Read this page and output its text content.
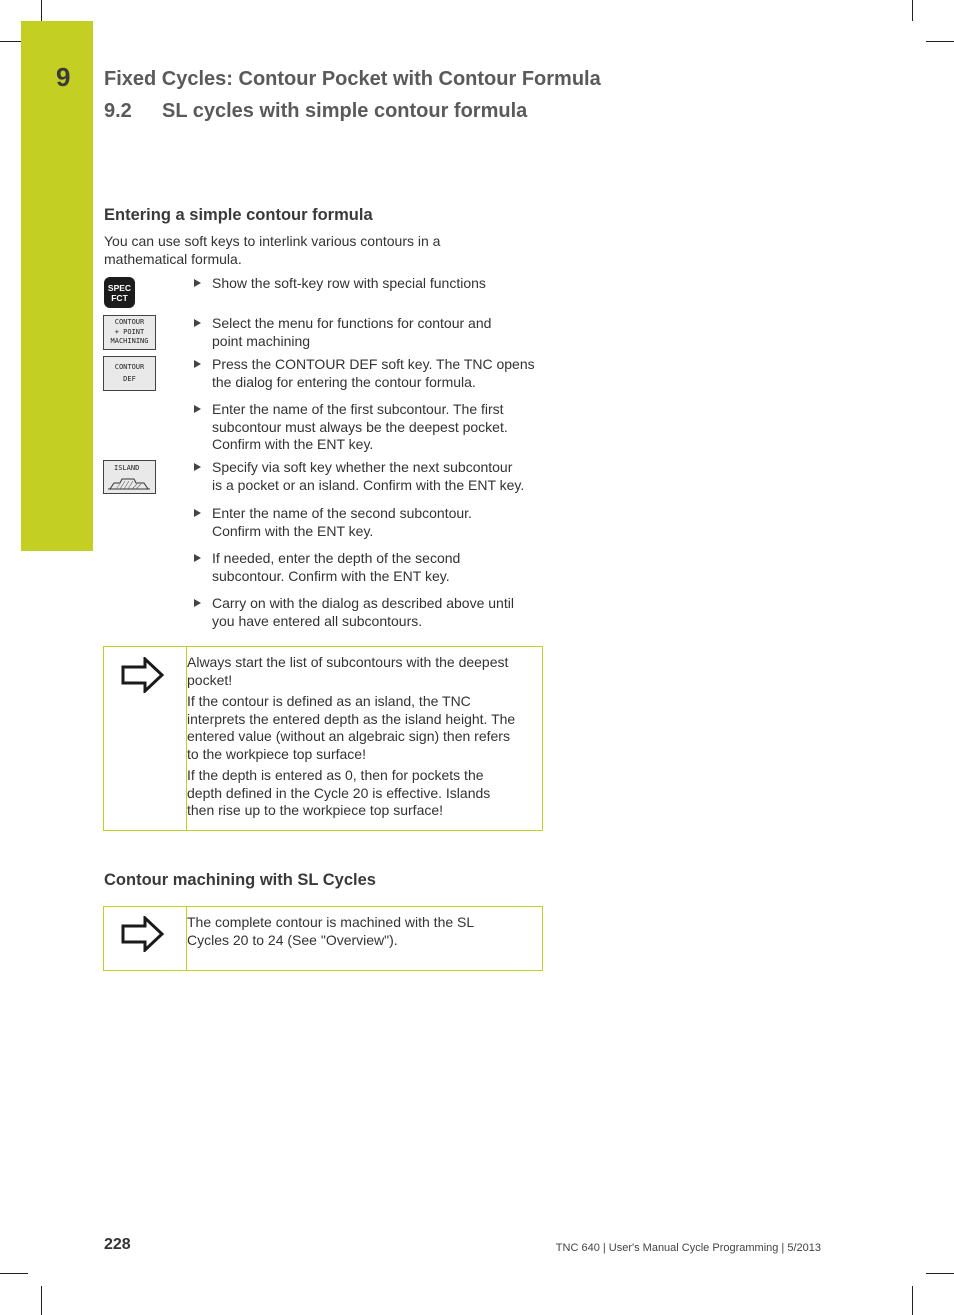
9 Fixed Cycles: Contour Pocket with Contour Formula
9.2 SL cycles with simple contour formula
Entering a simple contour formula
You can use soft keys to interlink various contours in a
mathematical formula.
SPEC
FCT
CONTOUR
+ POINT
MACHINING
CONTOUR
DEF
ISLAND
Show the soft-key row with special functions
Select the menu for functions for contour and
point machining
Press the CONTOUR DEF soft key. The TNC opens
the dialog for entering the contour formula.
Enter the name of the first subcontour. The first
subcontour must always be the deepest pocket.
Confirm with the ENT key.
Specify via soft key whether the next subcontour
is a pocket or an island. Confirm with the ENT key.
Enter the name of the second subcontour.
Confirm with the ENT key.
If needed, enter the depth of the second
subcontour. Confirm with the ENT key.
Carry on with the dialog as described above until
you have entered all subcontours.

Always start the list of subcontours with the deepest
pocket!

If the contour is defined as an island, the TNC
interprets the entered depth as the island height. The
entered value (without an algebraic sign) then refers
to the workpiece top surface!

If the depth is entered as 0, then for pockets the
depth defined in the Cycle 20 is effective. Islands
then rise up to the workpiece top surface!

Contour machining with SL Cycles

The complete contour is machined with the SL
Cycles 20 to 24 (See "Overview").

228	TNC 640 | User's Manual Cycle Programming | 5/2013
